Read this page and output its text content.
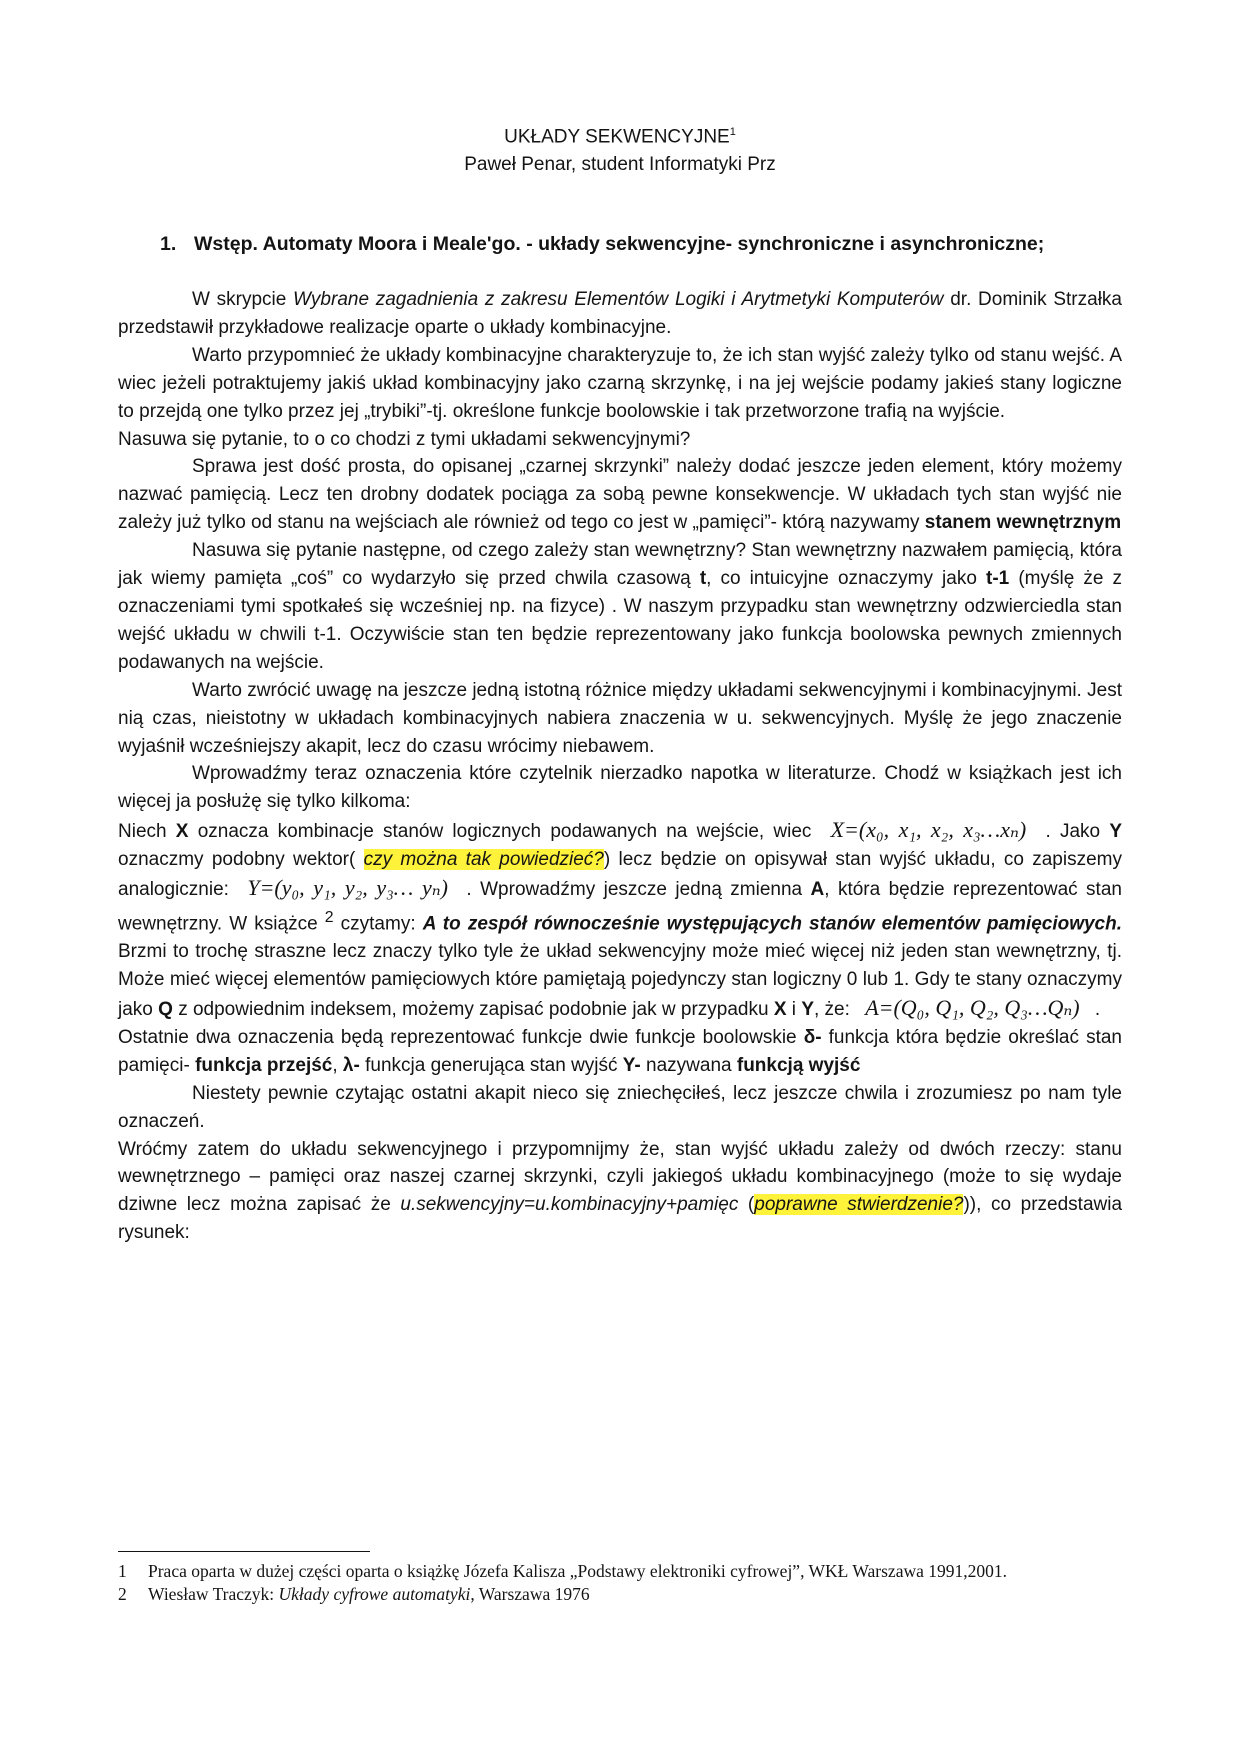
UKŁADY SEKWENCYJNE$^1$
Paweł Penar, student Informatyki Prz
1. Wstęp. Automaty Moora i Meale'go. - układy sekwencyjne- synchroniczne i asynchroniczne;

W skrypcie Wybrane zagadnienia z zakresu Elementów Logiki i Arytmetyki Komputerów dr. Dominik Strzałka przedstawił przykładowe realizacje oparte o układy kombinacyjne.

Warto przypomnieć że układy kombinacyjne charakteryzuje to, że ich stan wyjść zależy tylko od stanu wejść. A wiec jeżeli potraktujemy jakiś układ kombinacyjny jako czarną skrzynkę, i na jej wejście podamy jakieś stany logiczne to przejdą one tylko przez jej „trybiki”-tj. określone funkcje boolowskie i tak przetworzone trafią na wyjście.

Nasuwa się pytanie, to o co chodzi z tymi układami sekwencyjnymi?

Sprawa jest dość prosta, do opisanej „czarnej skrzynki” należy dodać jeszcze jeden element, który możemy nazwać pamięcią. Lecz ten drobny dodatek pociąga za sobą pewne konsekwencje. W układach tych stan wyjść nie zależy już tylko od stanu na wejściach ale również od tego co jest w „pamięci”- którą nazywamy stanem wewnętrznym

Nasuwa się pytanie następne, od czego zależy stan wewnętrzny? Stan wewnętrzny nazwałem pamięcią, która jak wiemy pamięta „coś” co wydarzyło się przed chwila czasową t, co intuicyjne oznaczymy jako t-1 (myślę że z oznaczeniami tymi spotkałeś się wcześniej np. na fizyce) . W naszym przypadku stan wewnętrzny odzwierciedla stan wejść układu w chwili t-1. Oczywiście stan ten będzie reprezentowany jako funkcja boolowska pewnych zmiennych podawanych na wejście.

Warto zwrócić uwagę na jeszcze jedną istotną różnice między układami sekwencyjnymi i kombinacyjnymi. Jest nią czas, nieistotny w układach kombinacyjnych nabiera znaczenia w u. sekwencyjnych. Myślę że jego znaczenie wyjaśnił wcześniejszy akapit, lecz do czasu wrócimy niebawem.

Wprowadźmy teraz oznaczenia które czytelnik nierzadko napotka w literaturze. Chodź w książkach jest ich więcej ja posłużę się tylko kilkoma:

Niech X oznacza kombinacje stanów logicznych podawanych na wejście, wiec X=(x₀, x₁, x₂, x₃…xₙ) . Jako Y oznaczmy podobny wektor( czy można tak powiedzieć?) lecz będzie on opisywał stan wyjść układu, co zapiszemy analogicznie: Y=(y₀, y₁, y₂, y₃… yₙ) . Wprowadźmy jeszcze jedną zmienna A, która będzie reprezentować stan wewnętrzny. W książce $^2$ czytamy: A to zespół równocześnie występujących stanów elementów pamięciowych. Brzmi to trochę straszne lecz znaczy tylko tyle że układ sekwencyjny może mieć więcej niż jeden stan wewnętrzny, tj. Może mieć więcej elementów pamięciowych które pamiętają pojedynczy stan logiczny 0 lub 1. Gdy te stany oznaczymy jako Q z odpowiednim indeksem, możemy zapisać podobnie jak w przypadku X i Y, że: A=(Q₀, Q₁, Q₂, Q₃…Qₙ) .

Ostatnie dwa oznaczenia będą reprezentować funkcje dwie funkcje boolowskie δ- funkcja która będzie określać stan pamięci- funkcja przejść, λ- funkcja generująca stan wyjść Y- nazywana funkcją wyjść

Niestety pewnie czytając ostatni akapit nieco się zniechęciłeś, lecz jeszcze chwila i zrozumiesz po nam tyle oznaczeń.

Wróćmy zatem do układu sekwencyjnego i przypomnijmy że, stan wyjść układu zależy od dwóch rzeczy: stanu wewnętrznego – pamięci oraz naszej czarnej skrzynki, czyli jakiegoś układu kombinacyjnego (może to się wydaje dziwne lecz można zapisać że u.sekwencyjny=u.kombinacyjny+pamięc (poprawne stwierdzenie?)), co przedstawia rysunek:

1	Praca oparta w dużej części oparta o książkę Józefa Kalisza „Podstawy elektroniki cyfrowej”, WKŁ Warszawa 1991,2001.
2	Wiesław Traczyk: Układy cyfrowe automatyki, Warszawa 1976
